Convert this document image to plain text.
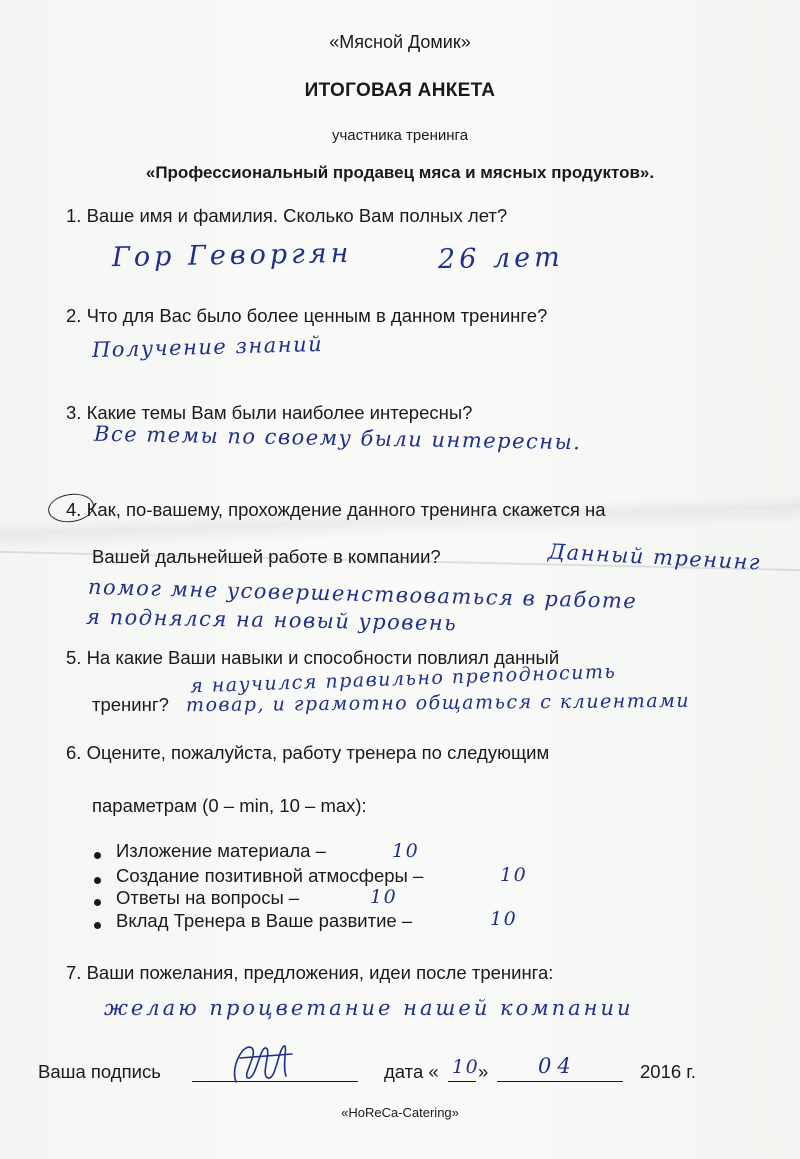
«Мясной Домик»
ИТОГОВАЯ АНКЕТА
участника тренинга
«Профессиональный продавец мяса и мясных продуктов».
1. Ваше имя и фамилия. Сколько Вам полных лет?
Гор Геворгян	26 лет
2. Что для Вас было более ценным в данном тренинге?
Получение знаний
3. Какие темы Вам были наиболее интересны?
Все темы по своему были интересны.
4. Как, по-вашему, прохождение данного тренинга скажется на
Вашей дальнейшей работе в компании?	Данный тренинг
помог мне усовершенствоваться в работе
я поднялся на новый уровень
5. На какие Ваши навыки и способности повлиял данный
тренинг?
я научился правильно преподносить
товар, и грамотно общаться с клиентами
6. Оцените, пожалуйста, работу тренера по следующим
параметрам (0 – min, 10 – max):
Изложение материала –	10
Создание позитивной атмосферы –	10
Ответы на вопросы –	10
Вклад Тренера в Ваше развитие –	10
7. Ваши пожелания, предложения, идеи после тренинга:
желаю процветание нашей компании
Ваша подпись	дата « 10
» 04	2016 г.
«HoReCa-Catering»
